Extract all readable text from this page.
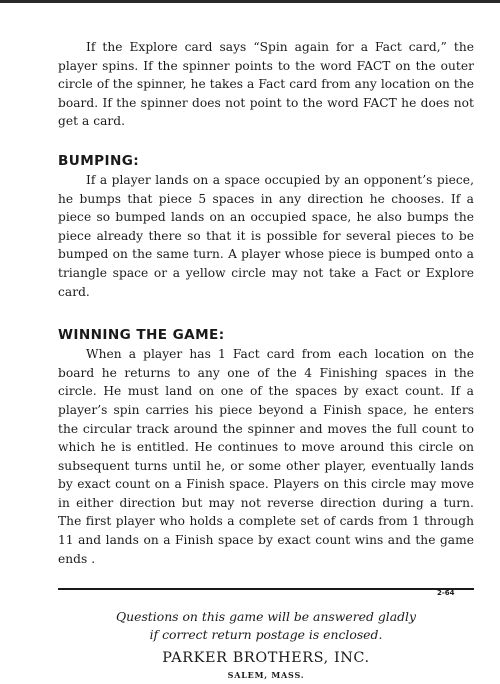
If the Explore card says “Spin again for a Fact card,” the player spins. If the spinner points to the word FACT on the outer circle of the spinner, he takes a Fact card from any location on the board. If the spinner does not point to the word FACT he does not get a card.

BUMPING:

If a player lands on a space occupied by an opponent’s piece, he bumps that piece 5 spaces in any direction he chooses. If a piece so bumped lands on an occupied space, he also bumps the piece already there so that it is possible for several pieces to be bumped on the same turn. A player whose piece is bumped onto a triangle space or a yellow circle may not take a Fact or Explore card.

WINNING THE GAME:

When a player has 1 Fact card from each location on the board he returns to any one of the 4 Finishing spaces in the circle. He must land on one of the spaces by exact count. If a player’s spin carries his piece beyond a Finish space, he enters the circular track around the spinner and moves the full count to which he is entitled. He continues to move around this circle on subsequent turns until he, or some other player, eventually lands by exact count on a Finish space. Players on this circle may move in either direction but may not reverse direction during a turn. The first player who holds a complete set of cards from 1 through 11 and lands on a Finish space by exact count wins and the game ends .

Questions on this game will be answered gladly

if correct return postage is enclosed.

PARKER BROTHERS, INC.

SALEM, MASS.

2-64
